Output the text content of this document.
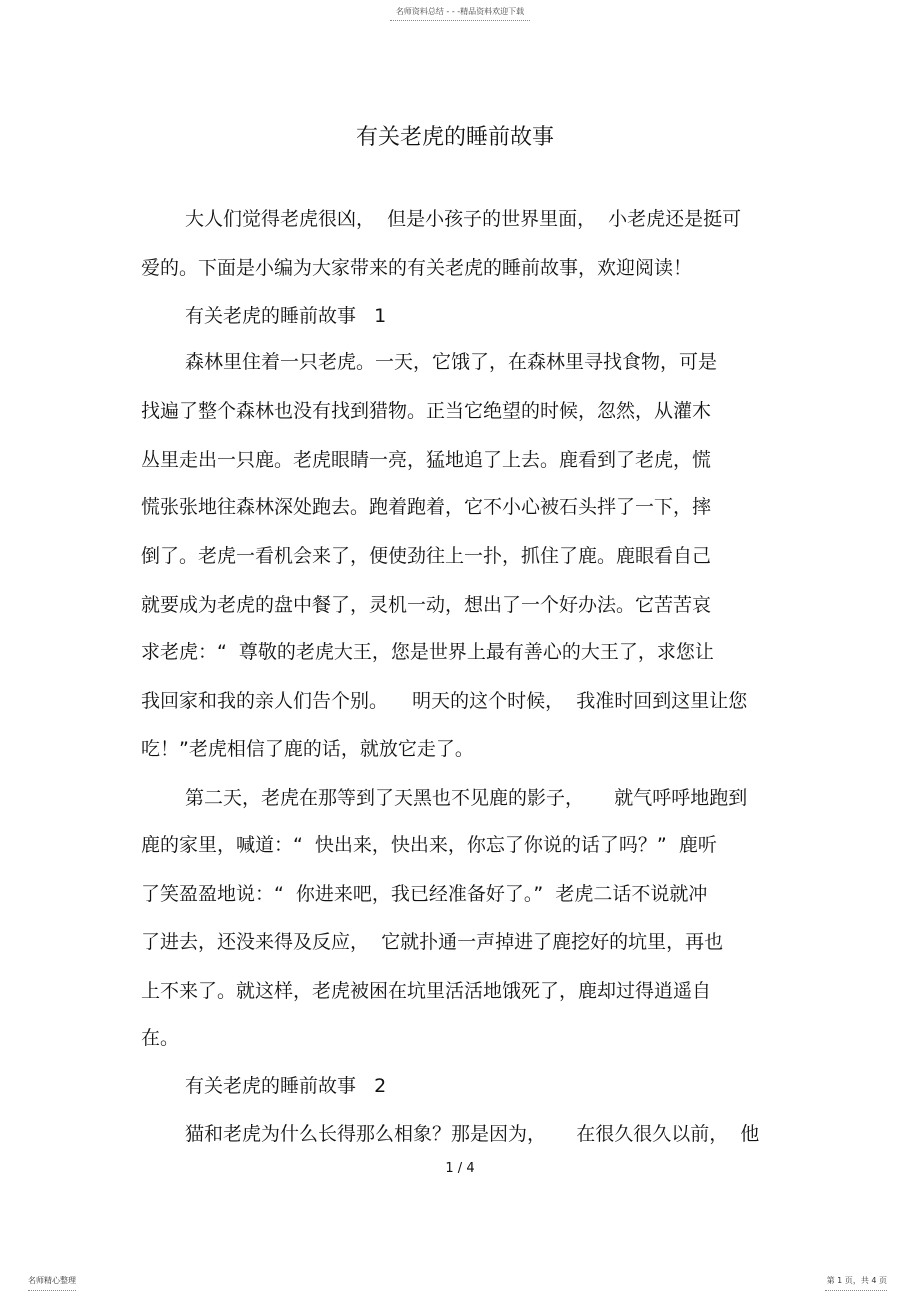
名师资料总结 - - -精品资料欢迎下载
有关老虎的睡前故事
大人们觉得老虎很凶，  但是小孩子的世界里面，  小老虎还是挺可
爱的。下面是小编为大家带来的有关老虎的睡前故事，欢迎阅读！
有关老虎的睡前故事   1
森林里住着一只老虎。一天，它饿了，在森林里寻找食物，可是
找遍了整个森林也没有找到猎物。正当它绝望的时候，忽然，从灌木
丛里走出一只鹿。老虎眼睛一亮，猛地追了上去。鹿看到了老虎，慌
慌张张地往森林深处跑去。跑着跑着，它不小心被石头拌了一下，摔
倒了。老虎一看机会来了，便使劲往上一扑，抓住了鹿。鹿眼看自己
就要成为老虎的盘中餐了，灵机一动，想出了一个好办法。它苦苦哀
求老虎：“  尊敬的老虎大王，您是世界上最有善心的大王了，求您让
我回家和我的亲人们告个别。    明天的这个时候，  我准时回到这里让您
吃！”老虎相信了鹿的话，就放它走了。
第二天，老虎在那等到了天黑也不见鹿的影子，     就气呼呼地跑到
鹿的家里，喊道：“  快出来，快出来，你忘了你说的话了吗？”  鹿听
了笑盈盈地说：“  你进来吧，我已经准备好了。”  老虎二话不说就冲
了进去，还没来得及反应，  它就扑通一声掉进了鹿挖好的坑里，再也
上不来了。就这样，老虎被困在坑里活活地饿死了，鹿却过得逍遥自
在。
有关老虎的睡前故事   2
猫和老虎为什么长得那么相象？那是因为，     在很久很久以前，  他
1 / 4
名师精心整理	第 1 页，共 4 页
